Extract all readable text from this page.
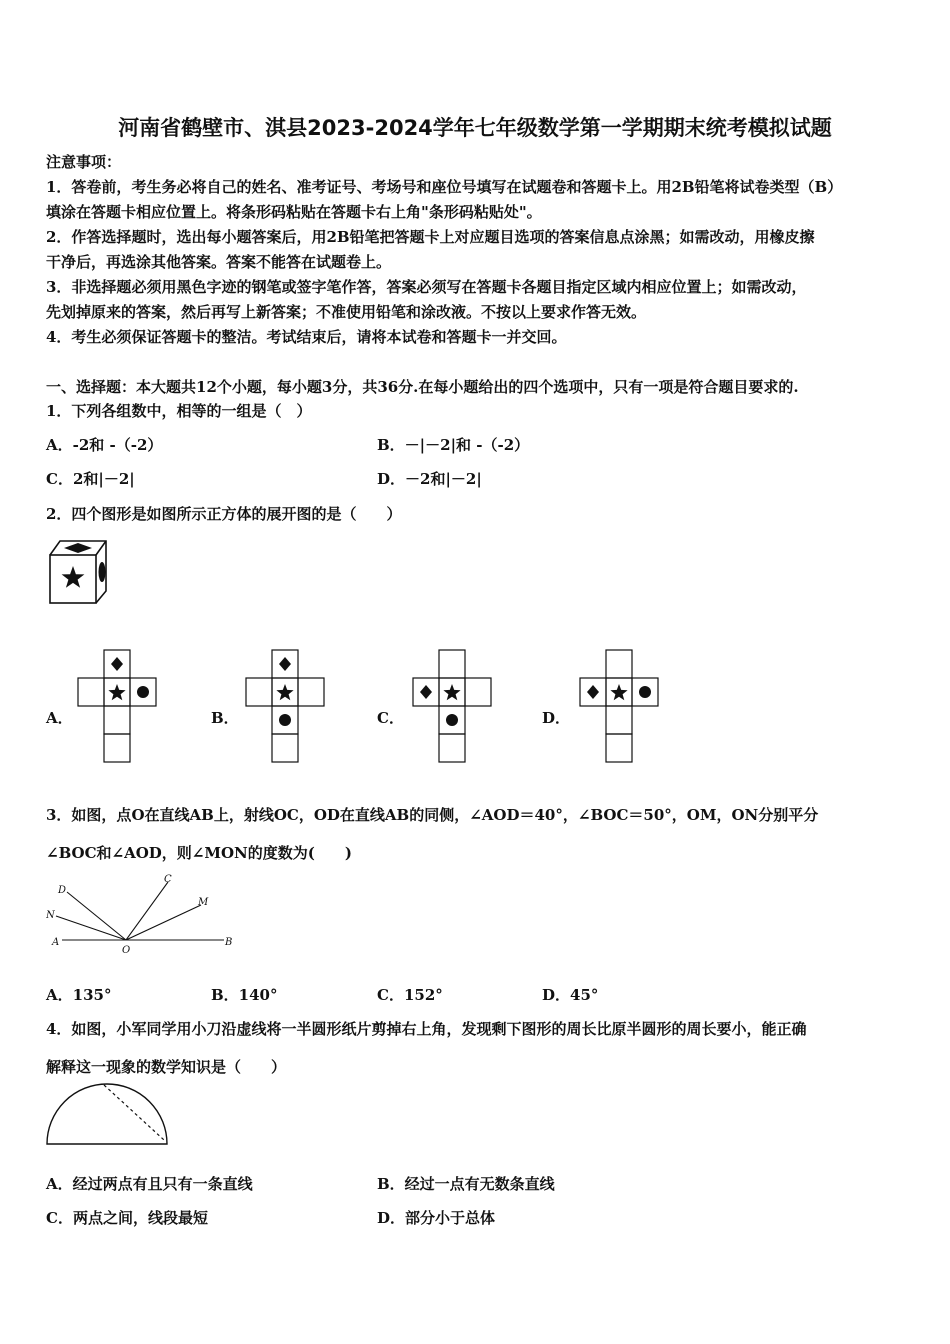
河南省鹤壁市、淇县2023-2024学年七年级数学第一学期期末统考模拟试题
注意事项：
1．答卷前，考生务必将自己的姓名、准考证号、考场号和座位号填写在试题卷和答题卡上。用2B铅笔将试卷类型（B）
填涂在答题卡相应位置上。将条形码粘贴在答题卡右上角"条形码粘贴处"。
2．作答选择题时，选出每小题答案后，用2B铅笔把答题卡上对应题目选项的答案信息点涂黑；如需改动，用橡皮擦
干净后，再选涂其他答案。答案不能答在试题卷上。
3．非选择题必须用黑色字迹的钢笔或签字笔作答，答案必须写在答题卡各题目指定区域内相应位置上；如需改动，
先划掉原来的答案，然后再写上新答案；不准使用铅笔和涂改液。不按以上要求作答无效。
4．考生必须保证答题卡的整洁。考试结束后，请将本试卷和答题卡一并交回。
一、选择题：本大题共12个小题，每小题3分，共36分.在每小题给出的四个选项中，只有一项是符合题目要求的.
1．下列各组数中，相等的一组是（　）
A．-2和 -（-2）	B．－|－2|和 -（-2）
C．2和|－2|	D．－2和|－2|
2．四个图形是如图所示正方体的展开图的是（　　）
A．	B．	C．	D．
3．如图，点O在直线AB上，射线OC，OD在直线AB的同侧，∠AOD＝40°，∠BOC＝50°，OM，ON分别平分
∠BOC和∠AOD，则∠MON的度数为(　　)
D
N
C
M
A
O
B
A．135°	B．140°	C．152°	D．45°
4．如图，小军同学用小刀沿虚线将一半圆形纸片剪掉右上角，发现剩下图形的周长比原半圆形的周长要小，能正确
解释这一现象的数学知识是（　　）
A．经过两点有且只有一条直线	B．经过一点有无数条直线
C．两点之间，线段最短	D．部分小于总体
